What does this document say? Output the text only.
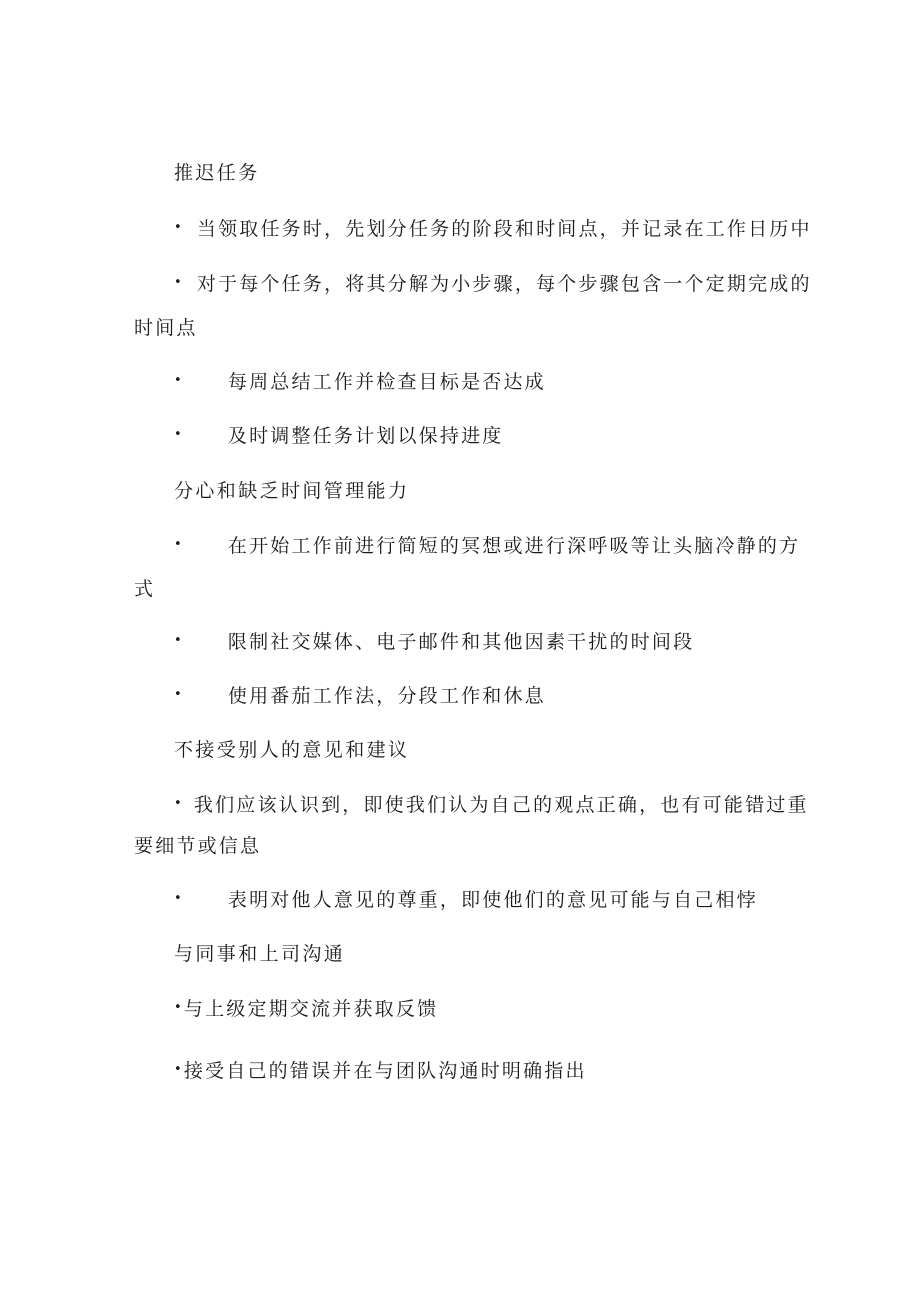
推迟任务
• 当领取任务时，先划分任务的阶段和时间点，并记录在工作日历中
• 对于每个任务，将其分解为小步骤，每个步骤包含一个定期完成的
时间点
• 每周总结工作并检查目标是否达成
• 及时调整任务计划以保持进度
分心和缺乏时间管理能力
• 在开始工作前进行简短的冥想或进行深呼吸等让头脑冷静的方
式
• 限制社交媒体、电子邮件和其他因素干扰的时间段
• 使用番茄工作法，分段工作和休息
不接受别人的意见和建议
• 我们应该认识到，即使我们认为自己的观点正确，也有可能错过重
要细节或信息
• 表明对他人意见的尊重，即使他们的意见可能与自己相悖
与同事和上司沟通
•与上级定期交流并获取反馈
•接受自己的错误并在与团队沟通时明确指出
